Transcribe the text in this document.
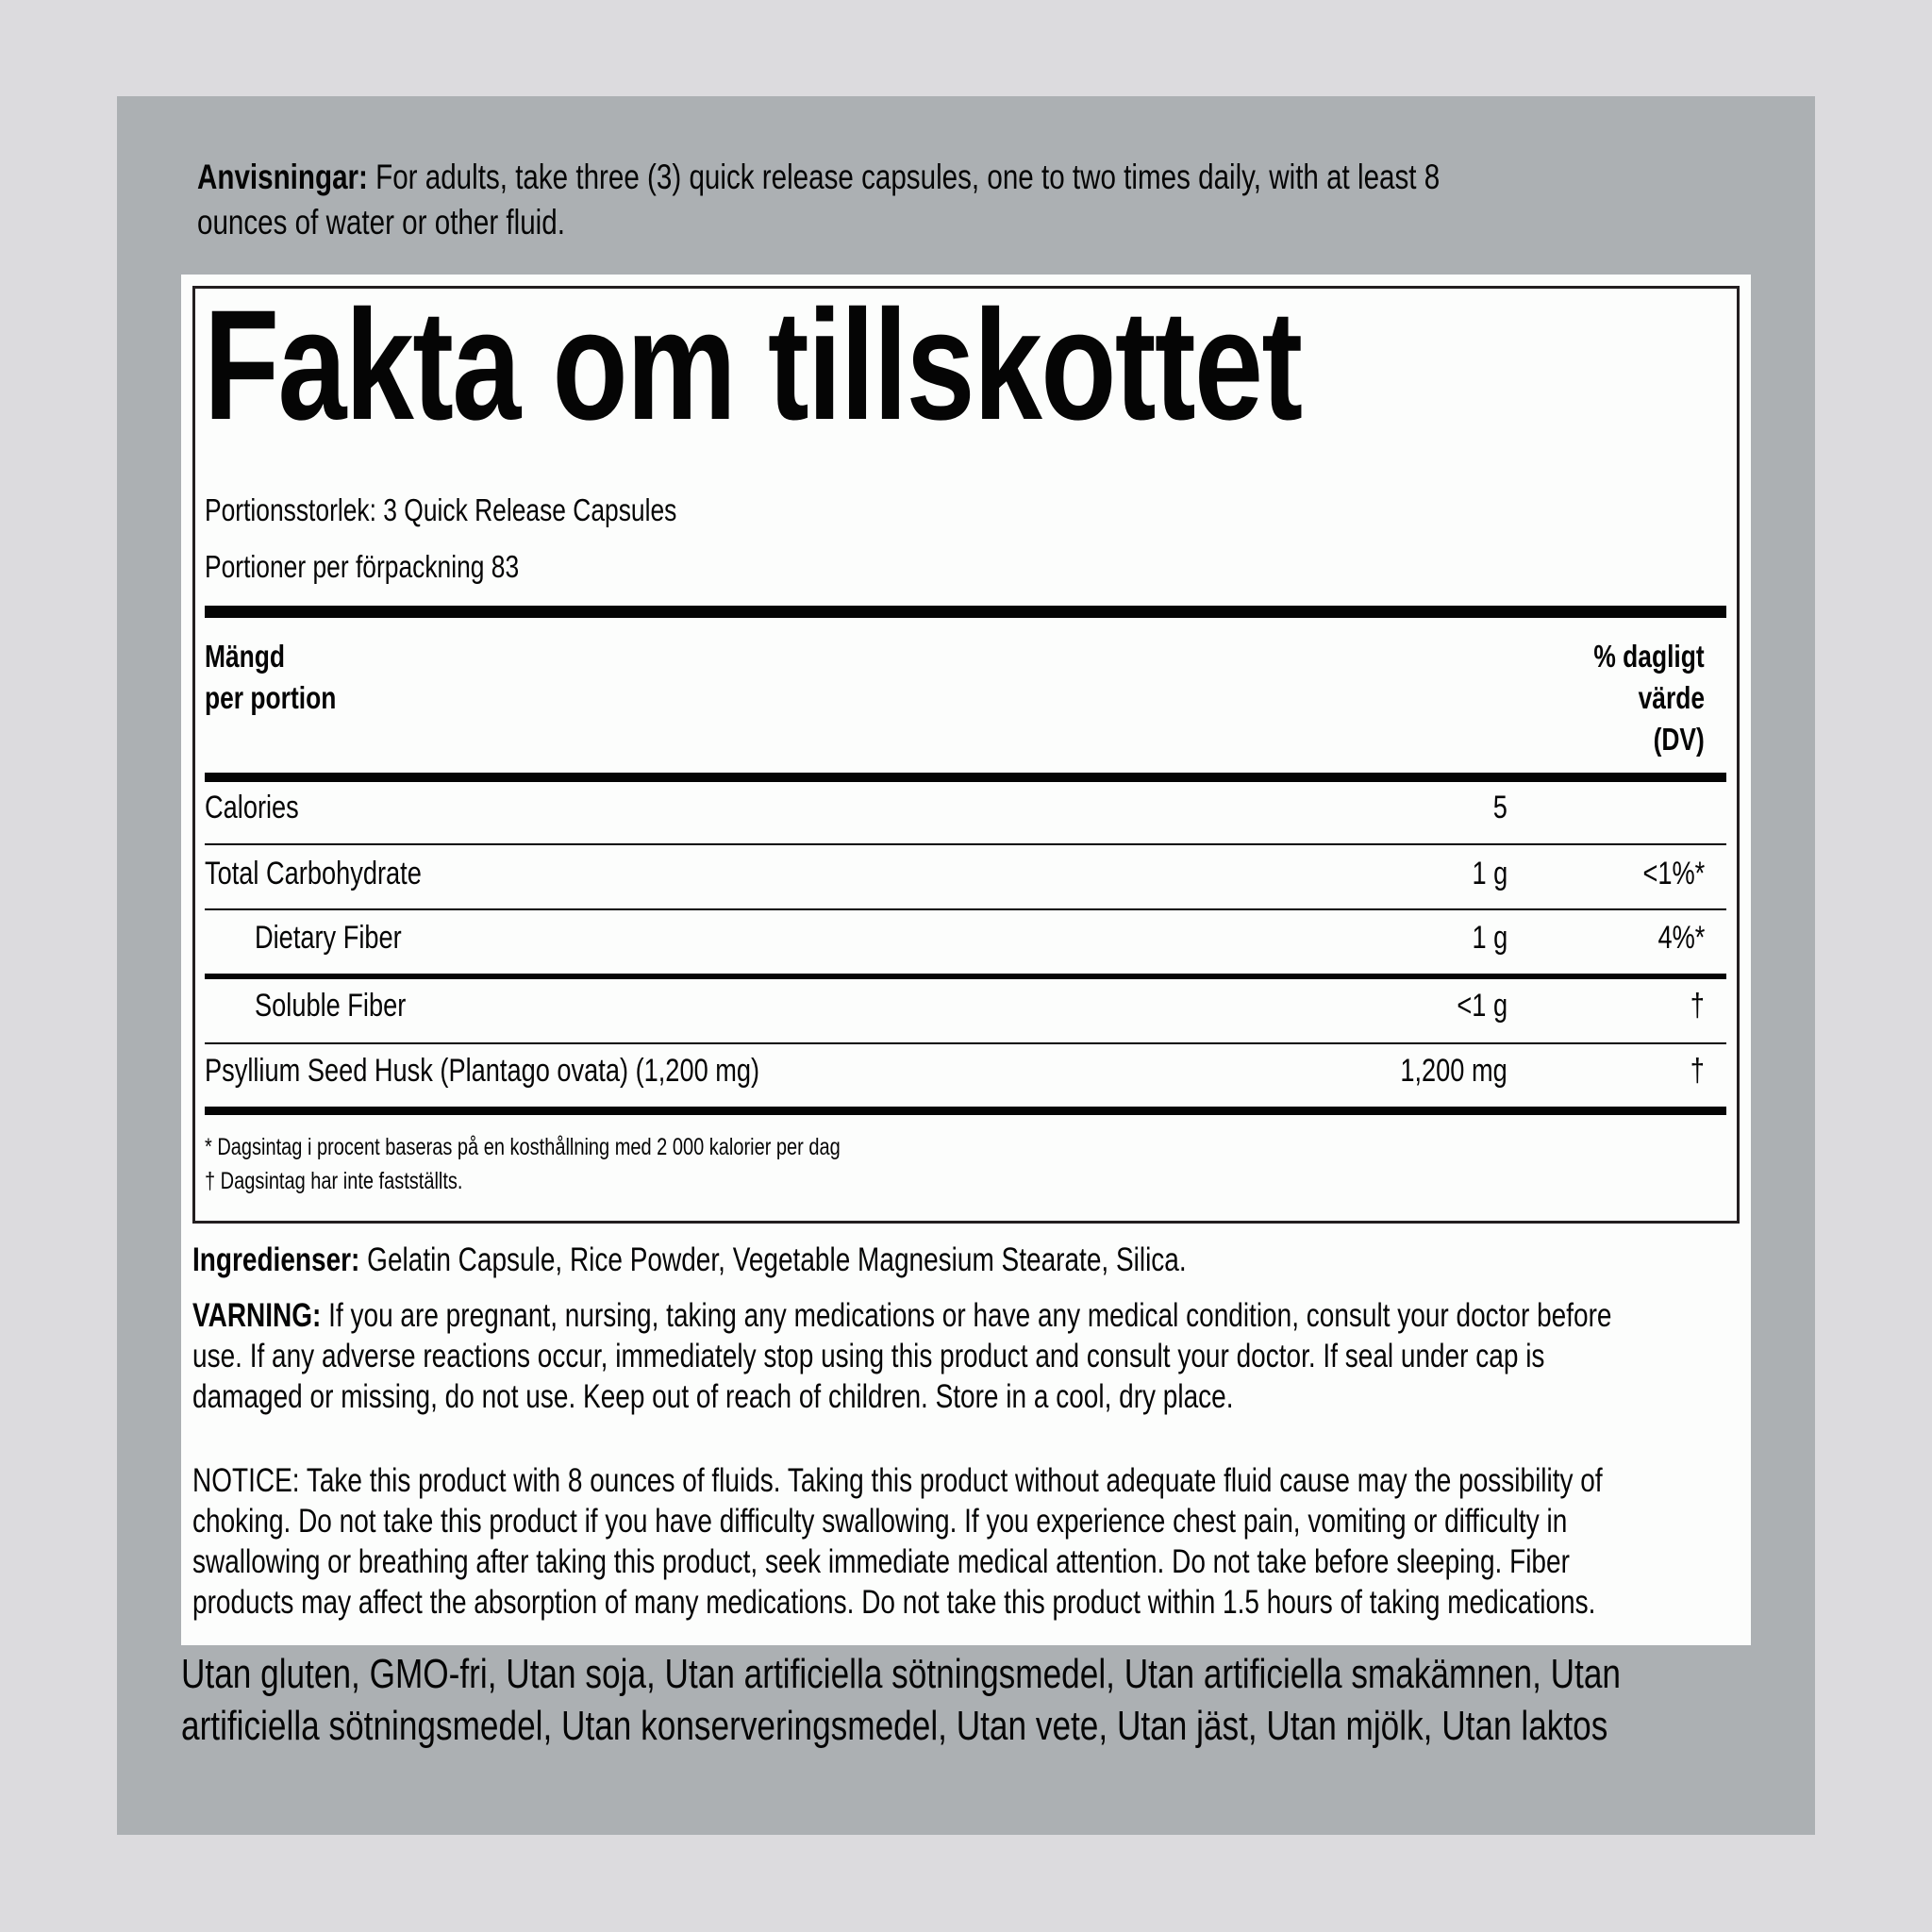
Anvisningar: For adults, take three (3) quick release capsules, one to two times daily, with at least 8
ounces of water or other fluid.
Fakta om tillskottet
Portionsstorlek: 3 Quick Release Capsules
Portioner per förpackning 83
Mängd
per portion
% dagligt
värde
(DV)
Calories	5
Total Carbohydrate	1 g	<1%*
Dietary Fiber	1 g	4%*
Soluble Fiber	<1 g	†
Psyllium Seed Husk (Plantago ovata) (1,200 mg)	1,200 mg	†
* Dagsintag i procent baseras på en kosthållning med 2 000 kalorier per dag
† Dagsintag har inte fastställts.
Ingredienser: Gelatin Capsule, Rice Powder, Vegetable Magnesium Stearate, Silica.
VARNING: If you are pregnant, nursing, taking any medications or have any medical condition, consult your doctor before
use. If any adverse reactions occur, immediately stop using this product and consult your doctor. If seal under cap is
damaged or missing, do not use. Keep out of reach of children. Store in a cool, dry place.
NOTICE: Take this product with 8 ounces of fluids. Taking this product without adequate fluid cause may the possibility of
choking. Do not take this product if you have difficulty swallowing. If you experience chest pain, vomiting or difficulty in
swallowing or breathing after taking this product, seek immediate medical attention. Do not take before sleeping. Fiber
products may affect the absorption of many medications. Do not take this product within 1.5 hours of taking medications.
Utan gluten, GMO-fri, Utan soja, Utan artificiella sötningsmedel, Utan artificiella smakämnen, Utan
artificiella sötningsmedel, Utan konserveringsmedel, Utan vete, Utan jäst, Utan mjölk, Utan laktos
